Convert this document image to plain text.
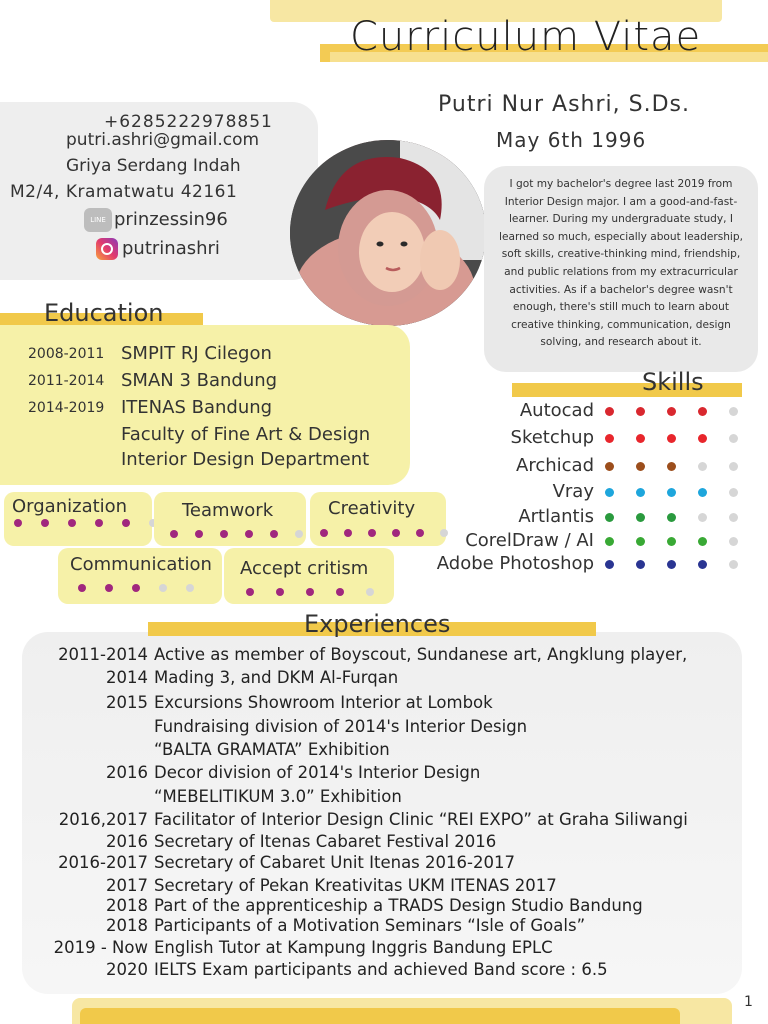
Curriculum Vitae
+6285222978851
putri.ashri@gmail.com
Griya Serdang Indah
M2/4, Kramatwatu 42161
LINE prinzessin96
putrinashri
Putri Nur Ashri, S.Ds.
May 6th 1996

I got my bachelor's degree last 2019 from Interior Design major. I am a good-and-fast-learner. During my undergraduate study, I learned so much, especially about leadership, soft skills, creative-thinking mind, friendship, and public relations from my extracurricular activities. As if a bachelor's degree wasn't enough, there's still much to learn about creative thinking, communication, design solving, and research about it.

Education
2008-2011 SMPIT RJ Cilegon
2011-2014 SMAN 3 Bandung
2014-2019 ITENAS Bandung
Faculty of Fine Art & Design
Interior Design Department
Organization	Teamwork	Creativity
Communication Accept critism
Skills
Autocad
Sketchup
Archicad
Vray
Artlantis
CorelDraw / AI
Adobe Photoshop
Experiences
2011-2014 Active as member of Boyscout, Sundanese art, Angklung player,
2014 Mading 3, and DKM Al-Furqan
2015 Excursions Showroom Interior at Lombok
Fundraising division of 2014's Interior Design
“BALTA GRAMATA” Exhibition
2016 Decor division of 2014's Interior Design
“MEBELITIKUM 3.0” Exhibition
2016,2017 Facilitator of Interior Design Clinic “REI EXPO” at Graha Siliwangi
2016 Secretary of Itenas Cabaret Festival 2016
2016-2017 Secretary of Cabaret Unit Itenas 2016-2017
2017 Secretary of Pekan Kreativitas UKM ITENAS 2017
2018 Part of the apprenticeship a TRADS Design Studio Bandung
2018 Participants of a Motivation Seminars “Isle of Goals”
2019 - Now English Tutor at Kampung Inggris Bandung EPLC
2020 IELTS Exam participants and achieved Band score : 6.5
1
